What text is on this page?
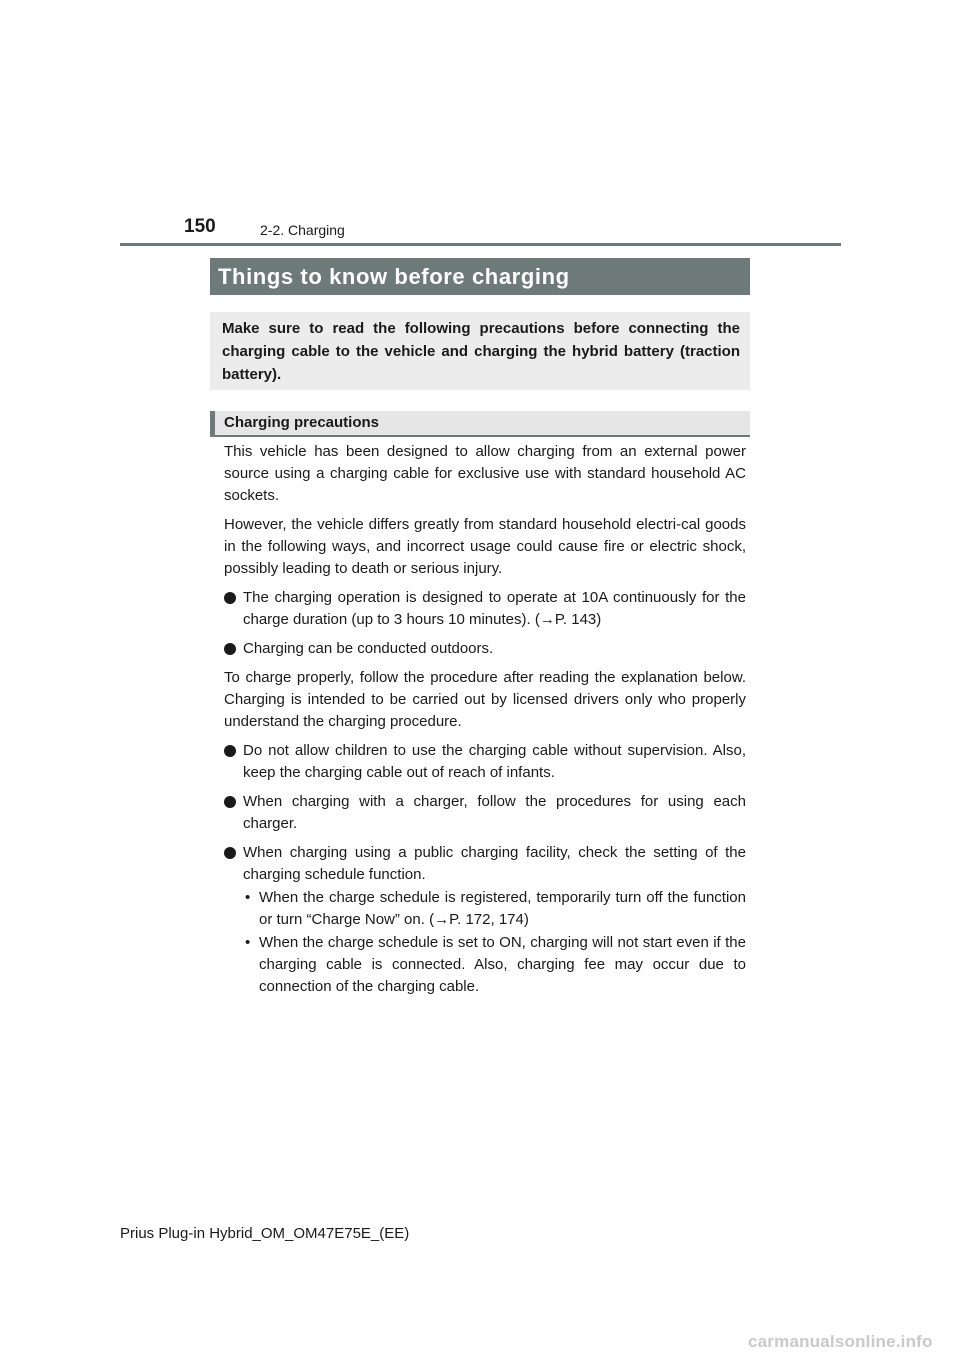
150	2-2. Charging
Things to know before charging
Make sure to read the following precautions before connecting the charging cable to the vehicle and charging the hybrid battery (traction battery).
Charging precautions

This vehicle has been designed to allow charging from an external power source using a charging cable for exclusive use with standard household AC sockets.

However, the vehicle differs greatly from standard household electri-cal goods in the following ways, and incorrect usage could cause fire or electric shock, possibly leading to death or serious injury.

The charging operation is designed to operate at 10A continuously for the charge duration (up to 3 hours 10 minutes). (→P. 143)
Charging can be conducted outdoors.

To charge properly, follow the procedure after reading the explanation below. Charging is intended to be carried out by licensed drivers only who properly understand the charging procedure.

Do not allow children to use the charging cable without supervision. Also, keep the charging cable out of reach of infants.
When charging with a charger, follow the procedures for using each charger.
When charging using a public charging facility, check the setting of the charging schedule function.
• When the charge schedule is registered, temporarily turn off the function or turn “Charge Now” on. (→P. 172, 174)
• When the charge schedule is set to ON, charging will not start even if the charging cable is connected. Also, charging fee may occur due to connection of the charging cable.
Prius Plug-in Hybrid_OM_OM47E75E_(EE)
carmanualsonline.info
